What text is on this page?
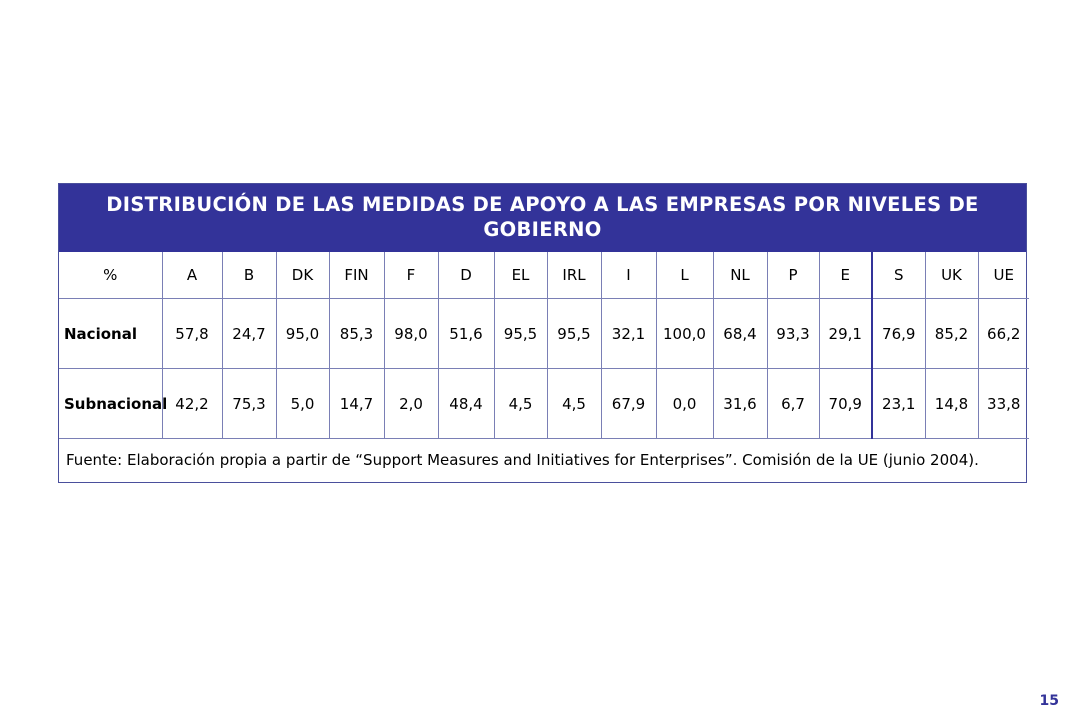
DISTRIBUCIÓN DE LAS MEDIDAS DE APOYO A LAS EMPRESAS POR NIVELES DE GOBIERNO
%	A	B	DK	FIN	F	D	EL	IRL	I	L	NL	P	E	S	UK	UE
Nacional	57,8	24,7	95,0	85,3	98,0	51,6	95,5	95,5	32,1	100,0	68,4	93,3	29,1	76,9	85,2	66,2
Subnacional	42,2	75,3	5,0	14,7	2,0	48,4	4,5	4,5	67,9	0,0	31,6	6,7	70,9	23,1	14,8	33,8
Fuente: Elaboración propia a partir de “Support Measures and Initiatives for Enterprises”. Comisión de la UE (junio 2004).
15
